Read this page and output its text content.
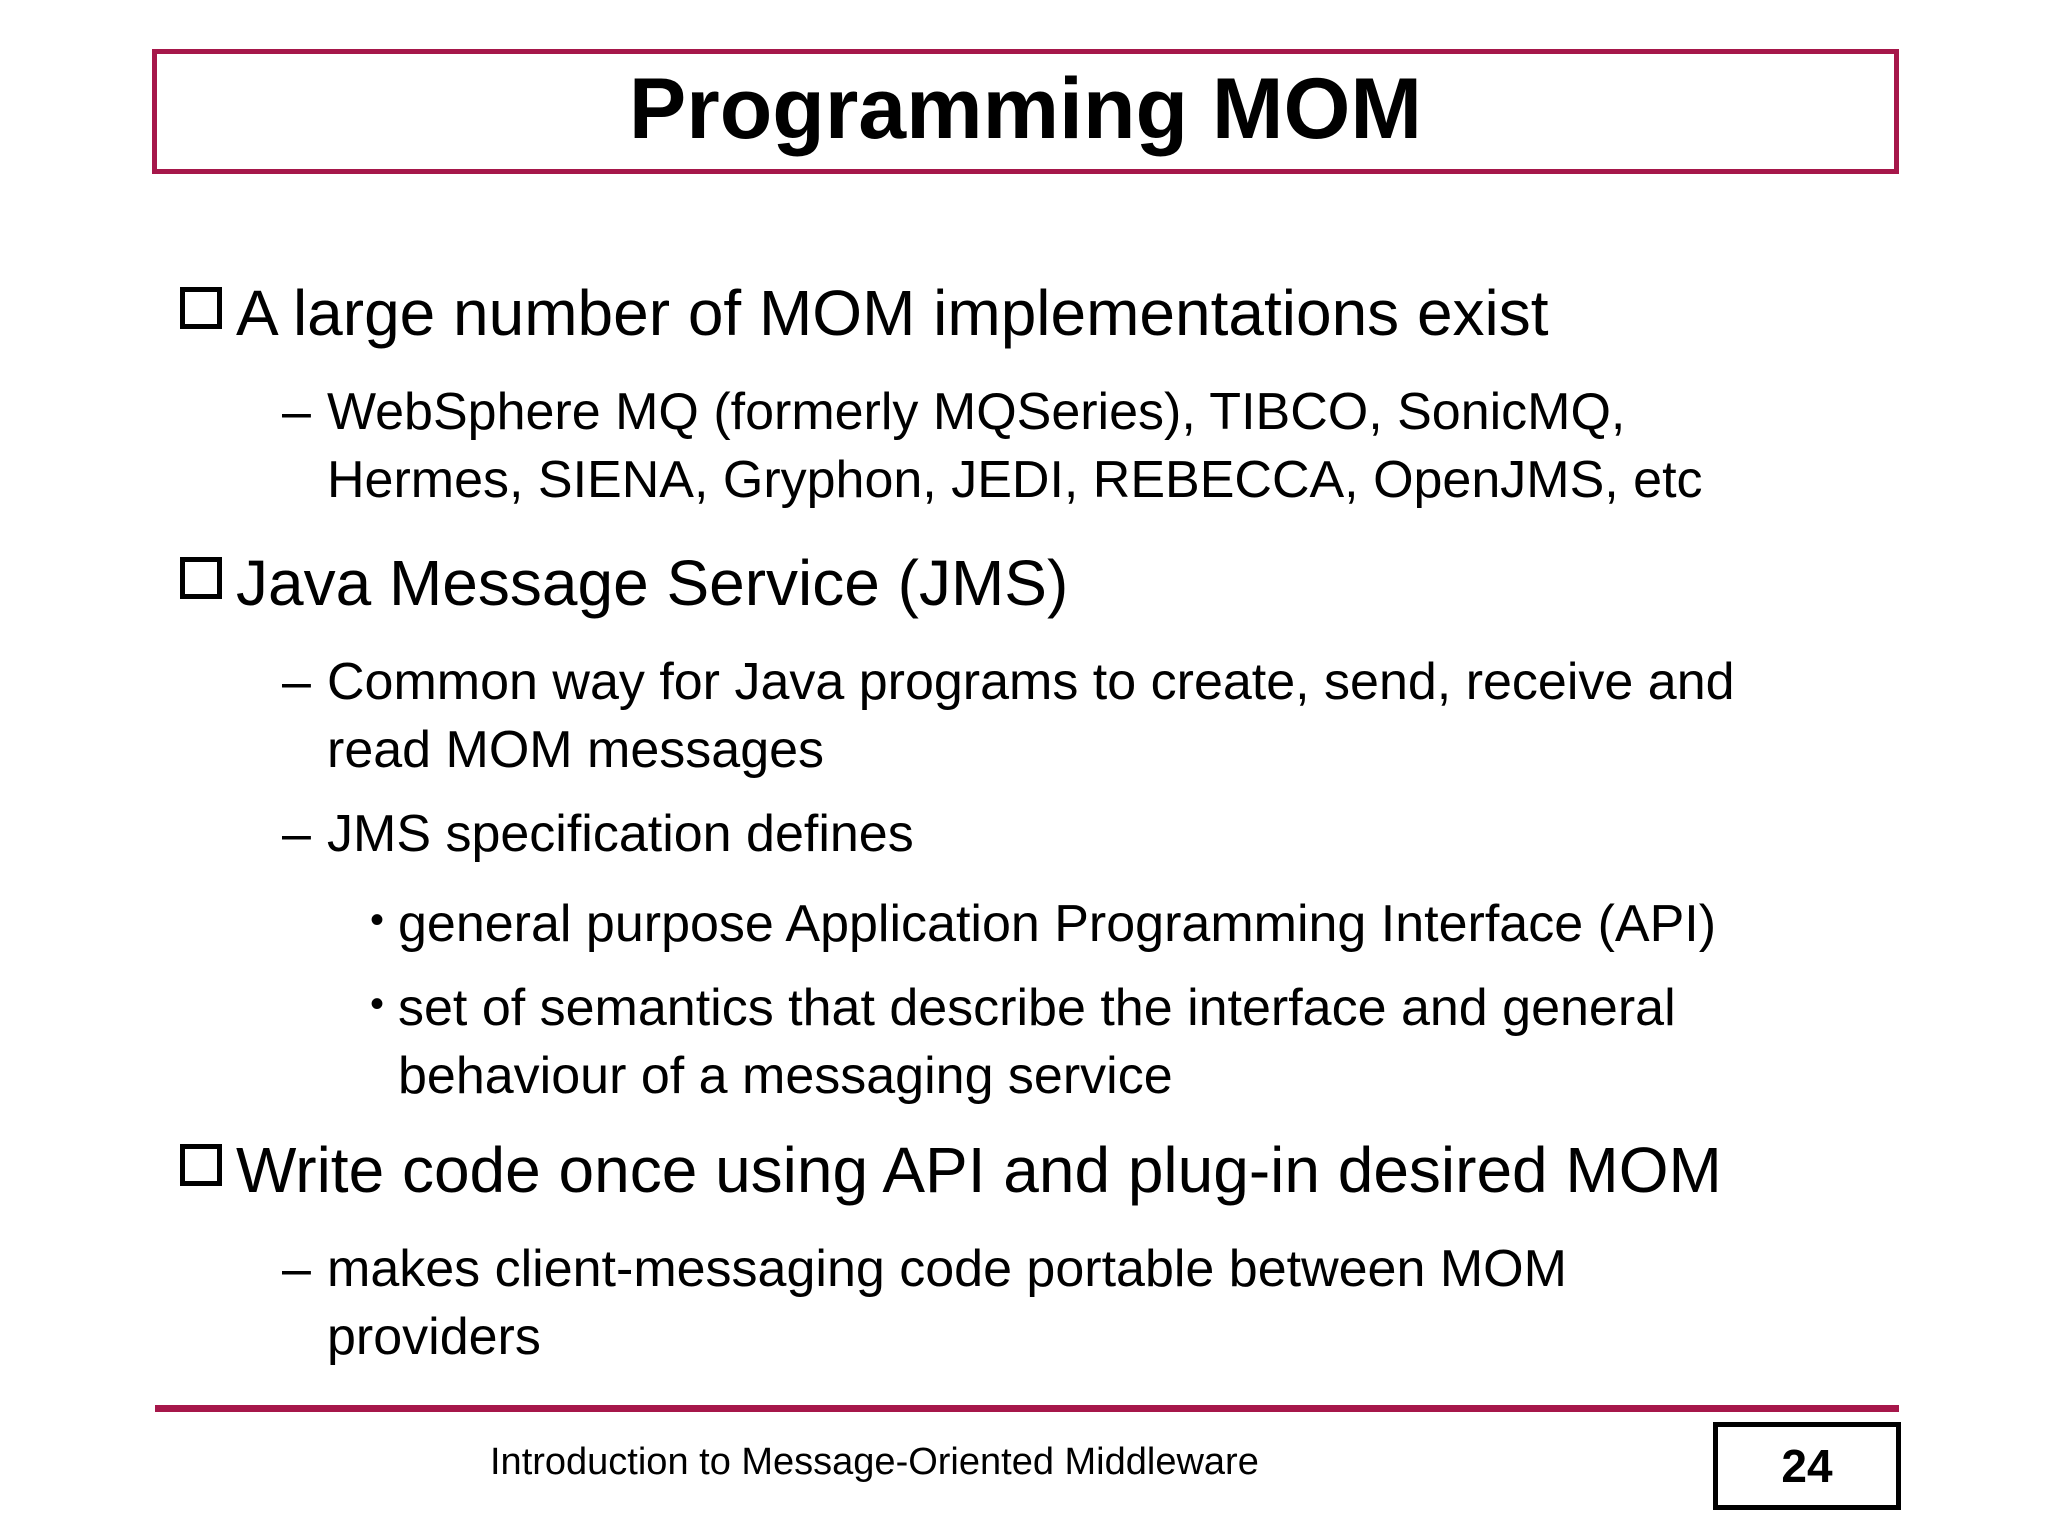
Programming MOM
A large number of MOM implementations exist
– WebSphere MQ (formerly MQSeries), TIBCO, SonicMQ,
Hermes, SIENA, Gryphon, JEDI, REBECCA, OpenJMS, etc
Java Message Service (JMS)
– Common way for Java programs to create, send, receive and
read MOM messages
– JMS specification defines
• general purpose Application Programming Interface (API)
• set of semantics that describe the interface and general
behaviour of a messaging service
Write code once using API and plug-in desired MOM
– makes client-messaging code portable between MOM
providers
Introduction to Message-Oriented Middleware	24
